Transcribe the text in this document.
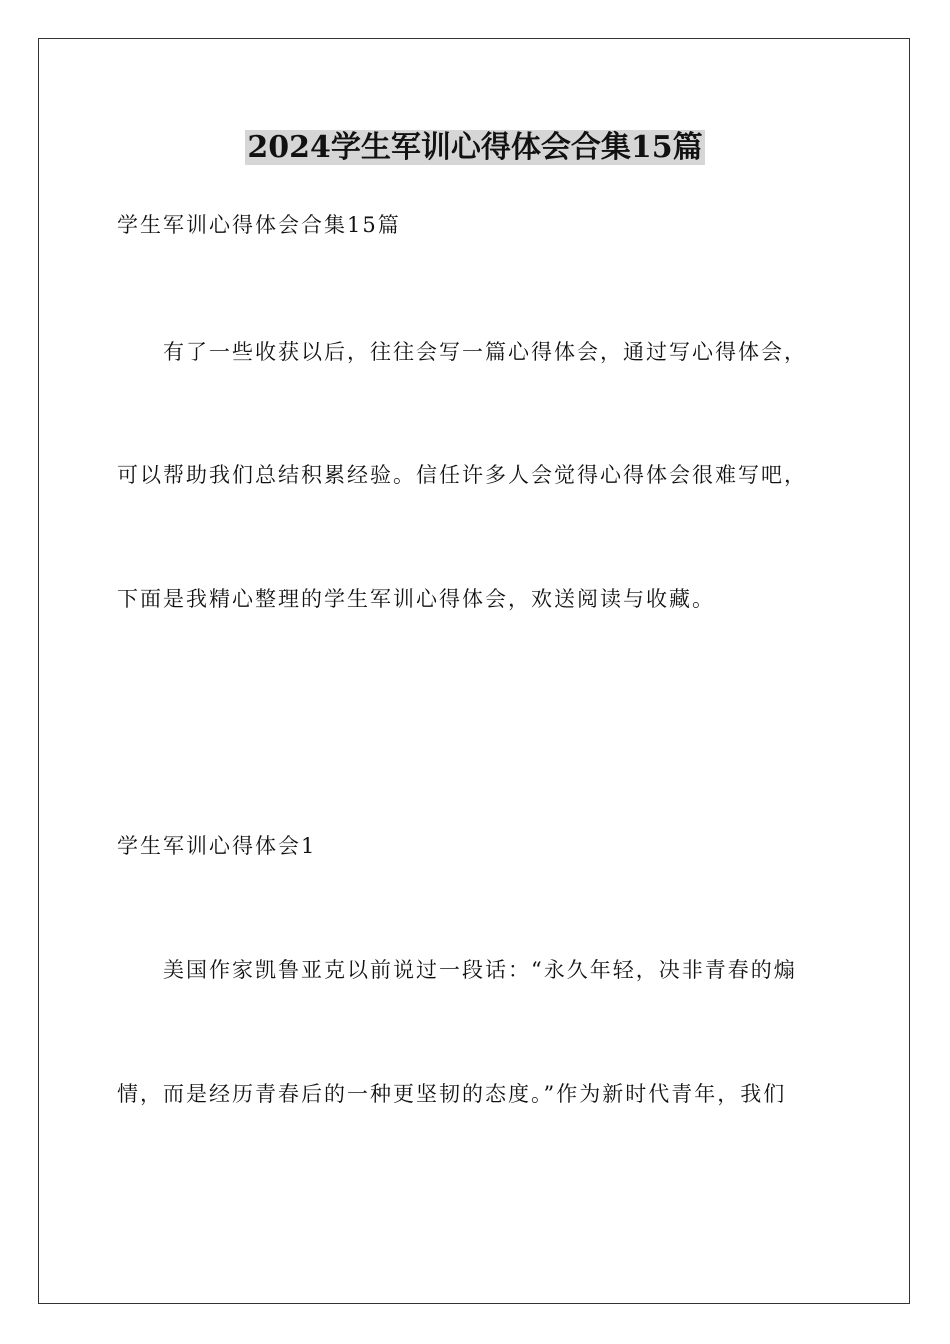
2024学生军训心得体会合集15篇
学生军训心得体会合集15篇
有了一些收获以后，往往会写一篇心得体会，通过写心得体会，
可以帮助我们总结积累经验。信任许多人会觉得心得体会很难写吧，
下面是我精心整理的学生军训心得体会，欢送阅读与收藏。
学生军训心得体会1
美国作家凯鲁亚克以前说过一段话：“永久年轻，决非青春的煽
情，而是经历青春后的一种更坚韧的态度。”作为新时代青年，我们
